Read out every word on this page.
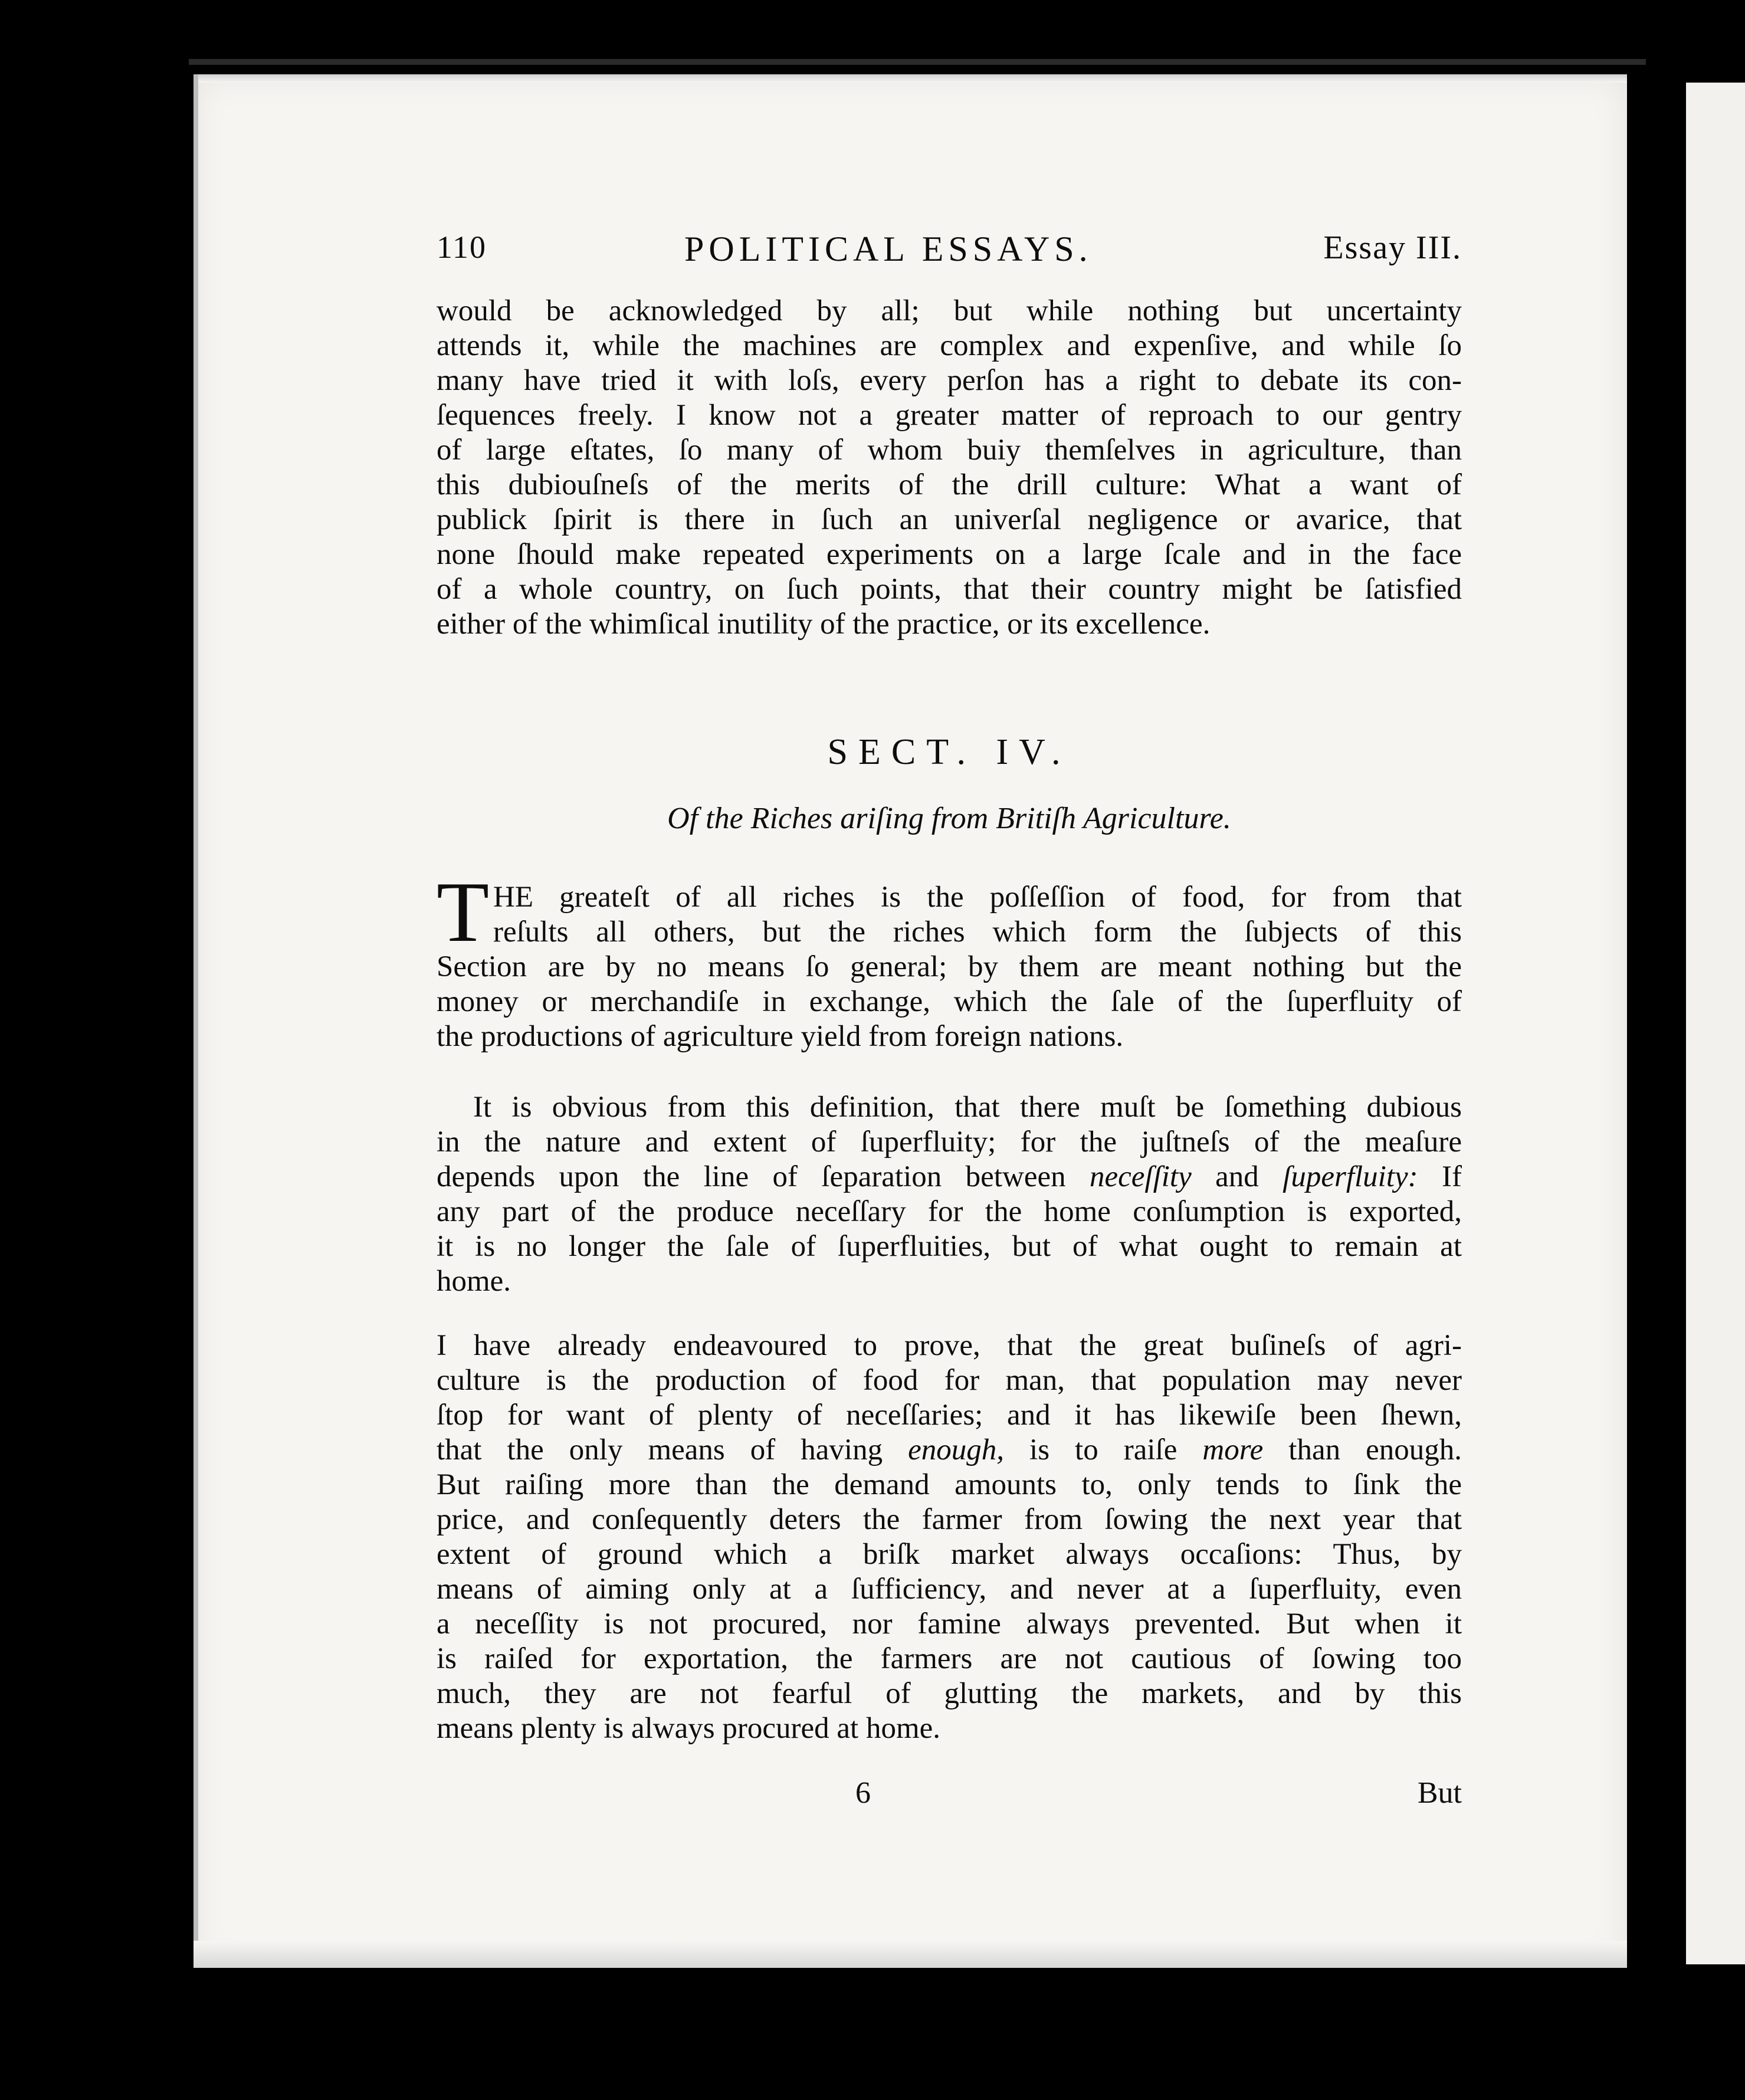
110	POLITICAL ESSAYS.	Essay III.
would be acknowledged by all; but while nothing but uncertainty
attends it, while the machines are complex and expenſive, and while ſo
many have tried it with loſs, every perſon has a right to debate its con-
ſequences freely. I know not a greater matter of reproach to our gentry
of large eſtates, ſo many of whom buiy themſelves in agriculture, than
this dubiouſneſs of the merits of the drill culture: What a want of
publick ſpirit is there in ſuch an univerſal negligence or avarice, that
none ſhould make repeated experiments on a large ſcale and in the face
of a whole country, on ſuch points, that their country might be ſatisfied
either of the whimſical inutility of the practice, or its excellence.
SECT. IV.
Of the Riches ariſing from Britiſh Agriculture.
T HE greateſt of all riches is the poſſeſſion of food, for from that
reſults all others, but the riches which form the ſubjects of this
Section are by no means ſo general; by them are meant nothing but the
money or merchandiſe in exchange, which the ſale of the ſuperfluity of
the productions of agriculture yield from foreign nations.
It is obvious from this definition, that there muſt be ſomething dubious
in the nature and extent of ſuperfluity; for the juſtneſs of the meaſure
depends upon the line of ſeparation between neceſſity and ſuperfluity: If
any part of the produce neceſſary for the home conſumption is exported,
it is no longer the ſale of ſuperfluities, but of what ought to remain at
home.
I have already endeavoured to prove, that the great buſineſs of agri-
culture is the production of food for man, that population may never
ſtop for want of plenty of neceſſaries; and it has likewiſe been ſhewn,
that the only means of having enough, is to raiſe more than enough.
But raiſing more than the demand amounts to, only tends to ſink the
price, and conſequently deters the farmer from ſowing the next year that
extent of ground which a briſk market always occaſions: Thus, by
means of aiming only at a ſufficiency, and never at a ſuperfluity, even
a neceſſity is not procured, nor famine always prevented. But when it
is raiſed for exportation, the farmers are not cautious of ſowing too
much, they are not fearful of glutting the markets, and by this
means plenty is always procured at home.
6	But
